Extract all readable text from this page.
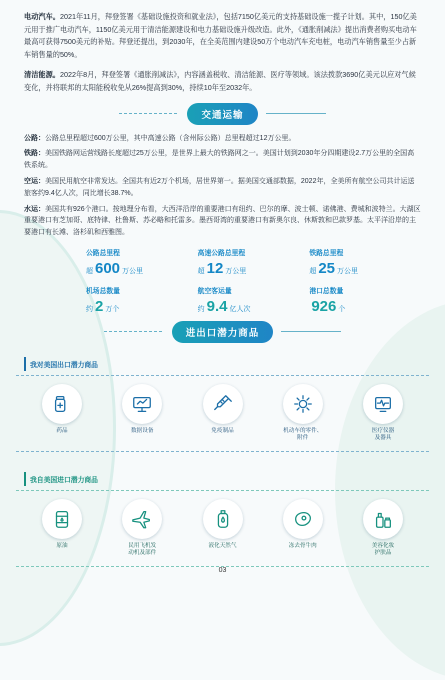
电动汽车。2021年11月，拜登签署《基础设施投资和就业法》，包括7150亿美元的支持基础设施一揽子计划。其中，150亿美元用于推广电动汽车，1150亿美元用于清洁能源建设和电力基础设施升级改造。此外，《通胀削减法》提出消费者购买电动车最高可获得7500美元的补贴。拜登还提出，到2030年，在全美范围内建设50万个电动汽车充电桩，电动汽车销售量至少占新车销售量的50%。

清洁能源。2022年8月，拜登签署《通胀削减法》，内容涵盖税收、清洁能源、医疗等领域。该法拨款3690亿美元以应对气候变化，并将联邦的太阳能税收免从26%提高到30%，持续10年至2032年。

交通运输

公路：公路总里程超过600万公里，其中高速公路（含州际公路）总里程超过12万公里。

铁路：美国铁路网运营线路长度超过25万公里，是世界上最大的铁路网之一。美国计划到2030年分四期建设2.7万公里的全国高铁系统。

空运：美国民用航空非常发达。全国共有近2万个机场，居世界第一。据美国交通部数据，2022年，全美所有航空公司共计运送旅客约9.4亿人次，同比增长38.7%。

水运：美国共有926个港口。按地理分布看，大西洋沿岸的重要港口有纽约、巴尔的摩、波士顿、诺佛港、费城和波特兰。大湖区重要港口有芝加哥、底特律、杜鲁斯、苏必略和托雷多。墨西哥湾的重要港口有新奥尔良、休斯敦和巴款罗基。太平洋沿岸的主要港口有长滩、洛杉矶和西雅图。

公路总里程
超 600 万公里
高速公路总里程
超 12 万公里
铁路总里程
超 25 万公里
机场总数量
约 2 万个
航空客运量
约 9.4 亿人次
港口总数量
926 个
进出口潜力商品
我对美国出口潜力商品
药品	数据设备	免疫制品	机动车的零件、
附件
医疗仪器
及器具
我自美国进口潜力商品
原油	民用飞机发
动机及部件
液化天然气	冻去骨牛肉	美容化妆
护肤品
03
